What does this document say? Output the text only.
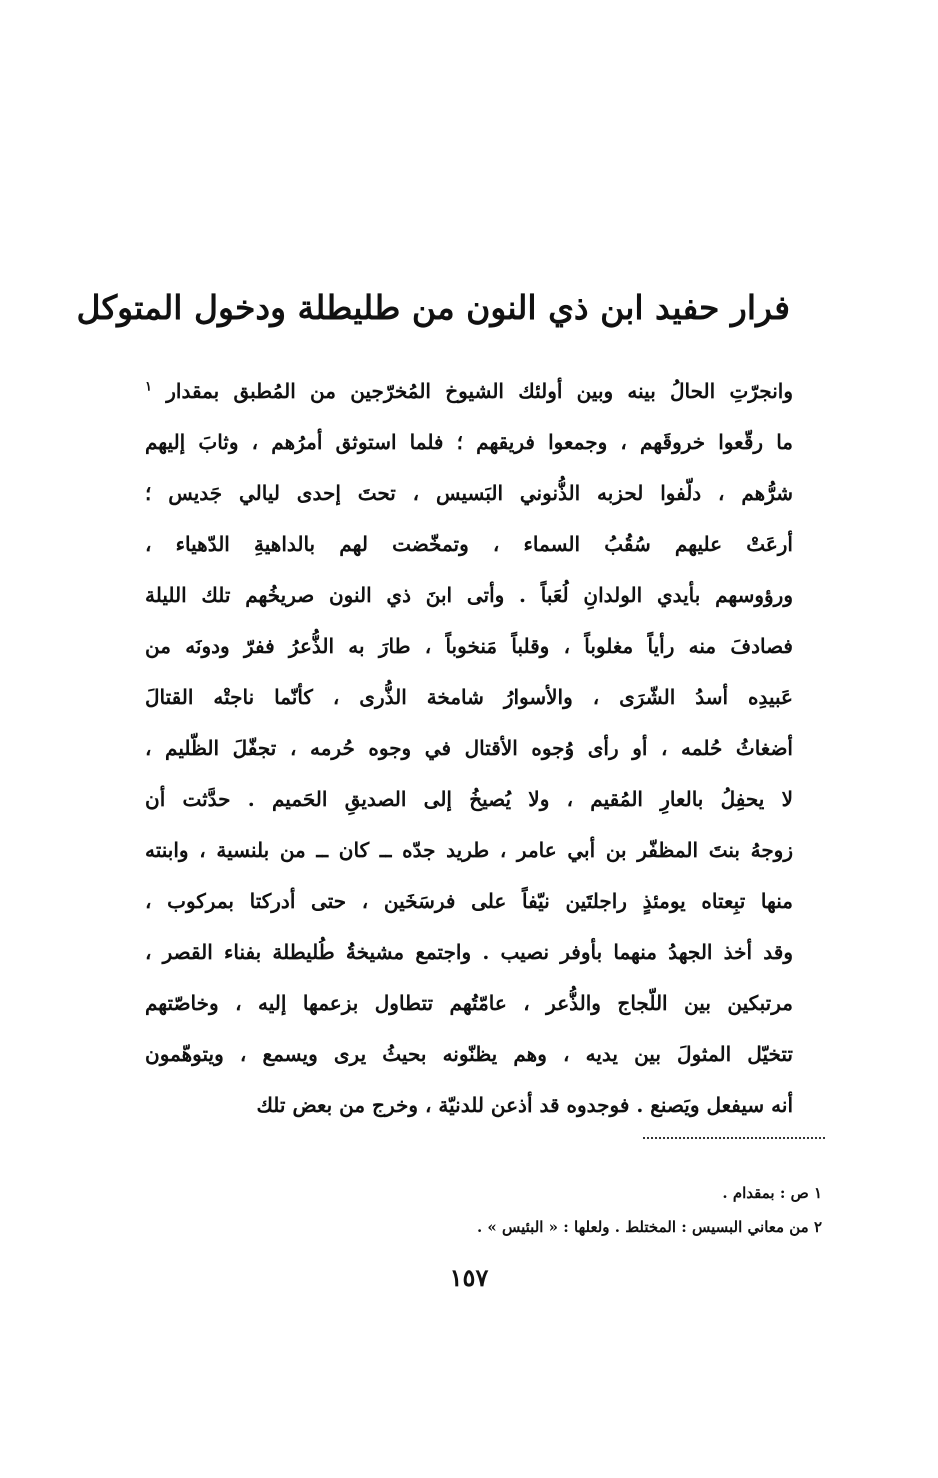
فرار حفيد ابن ذي النون من طليطلة ودخول المتوكل
وانجرّتِ الحالُ بينه وبين أولئك الشيوخ المُخرّجين من المُطبق بمقدار $^١$
ما رقّعوا خروقَهم ، وجمعوا فريقهم ؛ فلما استوثق أمرُهم ، وثابَ إليهم
شرُّهم ، دلّفوا لحزبه الذُّنوني البَسيس ، تحتَ إحدى ليالي جَديس ؛
أرعَتْ عليهم سُقُبُ السماء ، وتمخّضت لهم بالداهيةِ الدّهياء ،
ورؤوسهم بأيدي الولدانِ لُعَباً . وأتى ابنَ ذي النون صريخُهم تلك الليلة
فصادفَ منه رأياً مغلوباً ، وقلباً مَنخوباً ، طارَ به الذُّعرُ ففرّ ودونَه من
عَبيدِه أسدُ الشّرَى ، والأسوارُ شامخة الذُّرى ، كأنّما ناجتْه القتالَ
أضغاثُ حُلمه ، أو رأى وُجوه الأقتال في وجوه حُرمه ، تجفّلَ الظّليم ،
لا يحفِلُ بالعارِ المُقيم ، ولا يُصيخُ إلى الصديقِ الحَميم . حدَّثت أن
زوجهُ بنتَ المظفّر بن أبي عامر ، طريد جدّه ــ كان ــ من بلنسية ، وابنته
منها تبِعتاه يومئذٍ راجلتَين نيّفاً على فرسَخَين ، حتى أدركتا بمركوب ،
وقد أخذ الجهدُ منهما بأوفر نصيب . واجتمع مشيخةُ طُليطلة بفناء القصر ،
مرتبكين بين اللّجاج والذُّعر ، عامّتُهم تتطاول بزعمها إليه ، وخاصّتهم
تتخيّل المثولَ بين يديه ، وهم يظنّونه بحيثُ يرى ويسمع ، ويتوهّمون
أنه سيفعل ويَصنع . فوجدوه قد أذعن للدنيّة ، وخرج من بعض تلك
١ ص : بمقدام .
٢ من معاني البسيس : المختلط . ولعلها : « البئيس » .
١٥٧
